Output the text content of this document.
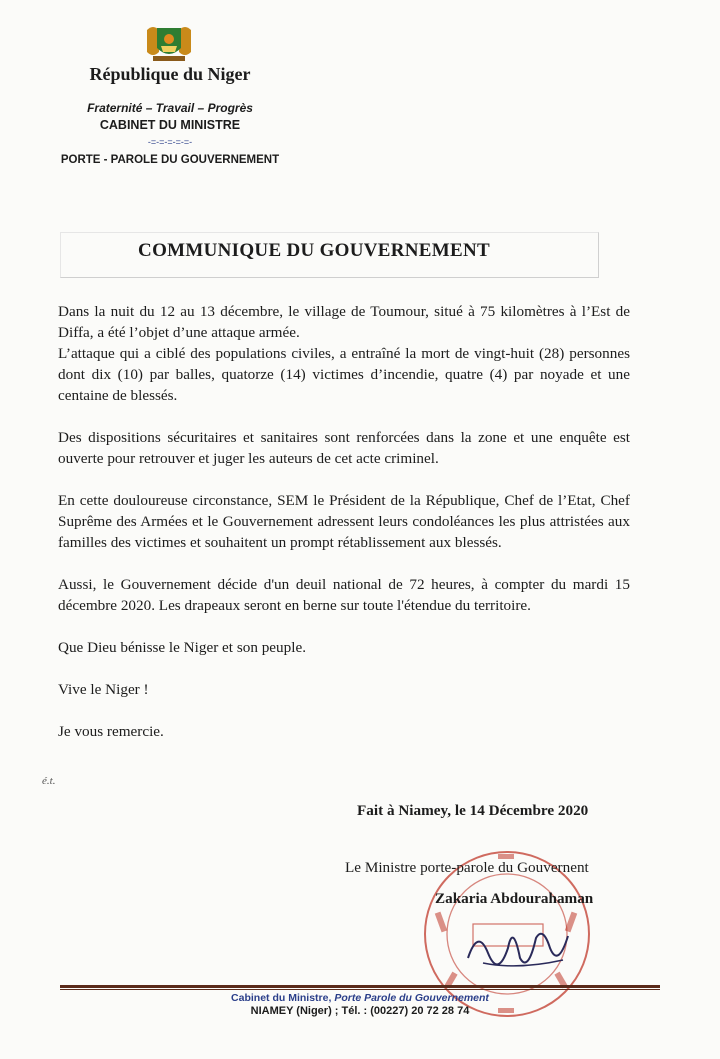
République du Niger
Fraternité – Travail – Progrès
CABINET DU MINISTRE
-=-=-=-=-=-
PORTE - PAROLE DU GOUVERNEMENT
COMMUNIQUE DU GOUVERNEMENT

Dans la nuit du 12 au 13 décembre, le village de Toumour, situé à 75 kilomètres à l’Est de Diffa, a été l’objet d’une attaque armée.

L’attaque qui a ciblé des populations civiles, a entraîné la mort de vingt-huit (28) personnes dont dix (10) par balles, quatorze (14) victimes d’incendie, quatre (4) par noyade et une centaine de blessés.

Des dispositions sécuritaires et sanitaires sont renforcées dans la zone et une enquête est ouverte pour retrouver et juger les auteurs de cet acte criminel.

En cette douloureuse circonstance, SEM le Président de la République, Chef de l’Etat, Chef Suprême des Armées et le Gouvernement adressent leurs condoléances les plus attristées aux familles des victimes et souhaitent un prompt rétablissement aux blessés.

Aussi, le Gouvernement décide d'un deuil national de 72 heures, à compter du mardi 15 décembre 2020. Les drapeaux seront en berne sur toute l'étendue du territoire.

Que Dieu bénisse le Niger et son peuple.

Vive le Niger !

Je vous remercie.

é.t.
Fait à Niamey, le 14 Décembre 2020
Le Ministre porte-parole du Gouvernent
Zakaria Abdourahaman
Cabinet du Ministre, Porte Parole du Gouvernement
NIAMEY (Niger) ; Tél. : (00227) 20 72 28 74
